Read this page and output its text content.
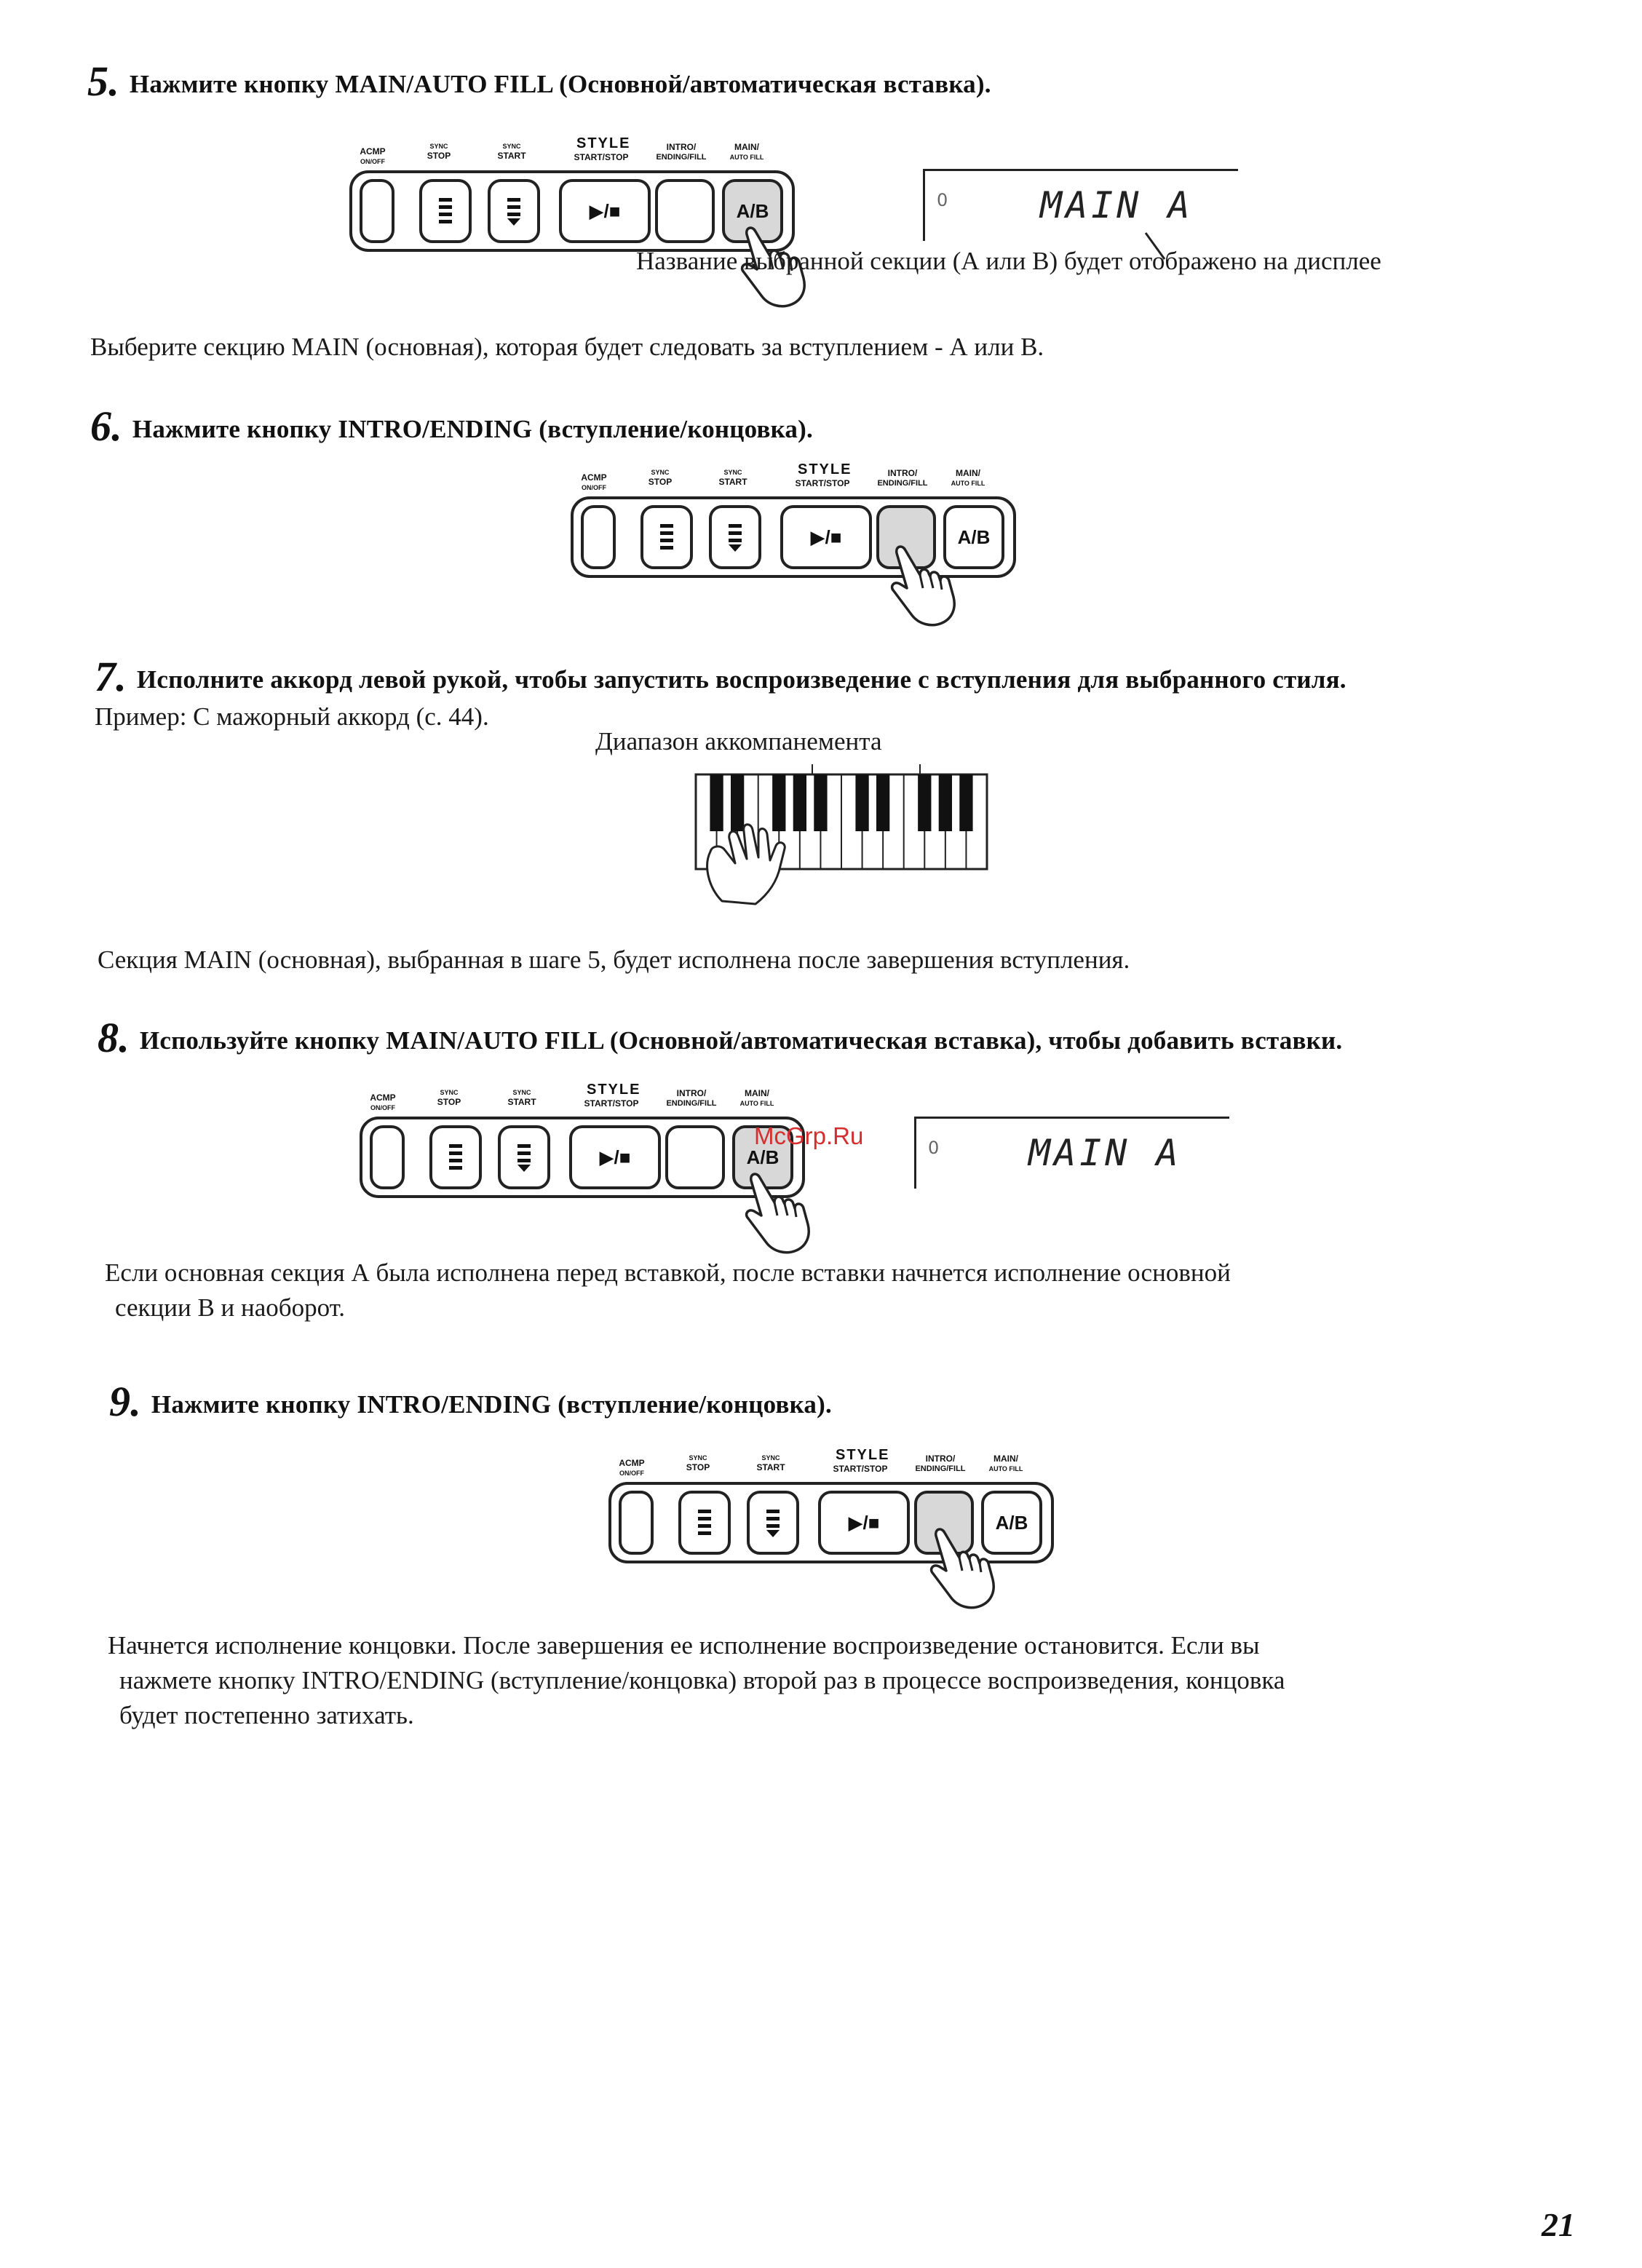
5. Нажмите кнопку MAIN/AUTO FILL (Основной/автоматическая вставка).
ACMP
ON/OFF
SYNC
STOP
SYNC
START
STYLE
START/STOP
INTRO/
ENDING/FILL
MAIN/
AUTO FILL
▶/■	A/B	0	MAIN A
Название выбранной секции (А или В) будет отображено на дисплее
Выберите секцию MAIN (основная), которая будет следовать за вступлением - А или В.
6. Нажмите кнопку INTRO/ENDING (вступление/концовка).
ACMP
ON/OFF
SYNC
STOP
SYNC
START
STYLE
START/STOP
INTRO/
ENDING/FILL
MAIN/
AUTO FILL
▶/■	A/B
7. Исполните аккорд левой рукой, чтобы запустить воспроизведение с вступления для выбранного стиля.
Пример: С мажорный аккорд (с. 44).
Диапазон аккомпанемента
Секция MAIN (основная), выбранная в шаге 5, будет исполнена после завершения вступления.
8. Используйте кнопку MAIN/AUTO FILL (Основной/автоматическая вставка), чтобы добавить вставки.
ACMP
ON/OFF
SYNC
STOP
SYNC
START
STYLE
START/STOP
INTRO/
ENDING/FILL
MAIN/
AUTO FILL
▶/■	A/B
McGrp.Ru	0 MAIN A
Если основная секция А была исполнена перед вставкой, после вставки начнется исполнение основной
секции В и наоборот.
9. Нажмите кнопку INTRO/ENDING (вступление/концовка).
ACMP
ON/OFF
SYNC
STOP
SYNC
START
STYLE
START/STOP
INTRO/
ENDING/FILL
MAIN/
AUTO FILL
▶/■	A/B
Начнется исполнение концовки. После завершения ее исполнение воспроизведение остановится. Если вы
нажмете кнопку INTRO/ENDING (вступление/концовка) второй раз в процессе воспроизведения, концовка
будет постепенно затихать.
21
